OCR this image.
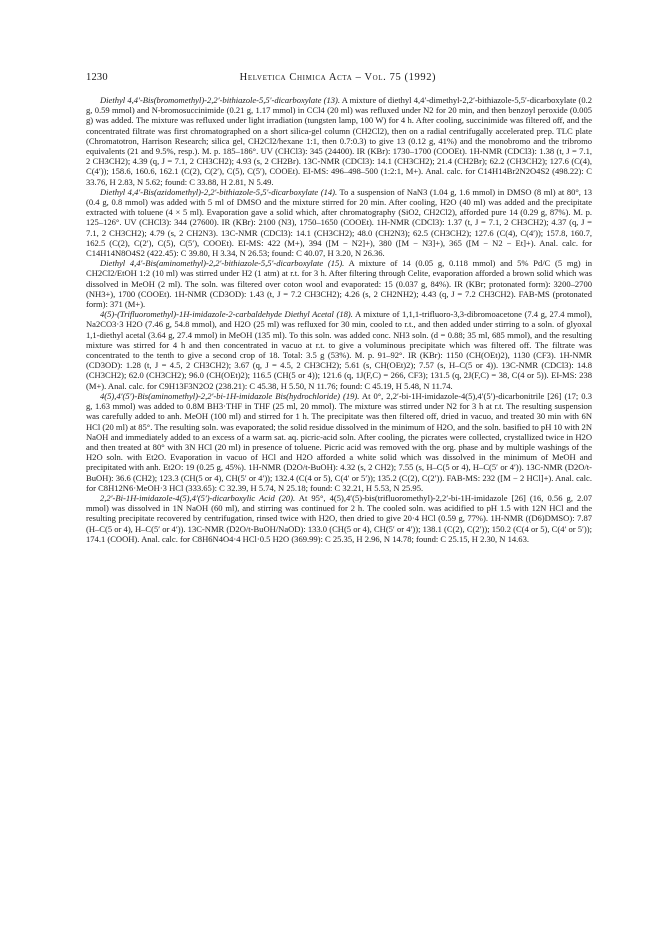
1230	Helvetica Chimica Acta – Vol. 75 (1992)

Diethyl 4,4′-Bis(bromomethyl)-2,2′-bithiazole-5,5′-dicarboxylate (13). A mixture of diethyl 4,4′-dimethyl-2,2′-bithiazole-5,5′-dicarboxylate (0.2 g, 0.59 mmol) and N-bromosuccinimide (0.21 g, 1.17 mmol) in CCl4 (20 ml) was refluxed under N2 for 20 min, and then benzoyl peroxide (0.005 g) was added. The mixture was refluxed under light irradiation (tungsten lamp, 100 W) for 4 h. After cooling, succinimide was filtered off, and the concentrated filtrate was first chromatographed on a short silica-gel column (CH2Cl2), then on a radial centrifugally accelerated prep. TLC plate (Chromatotron, Harrison Research; silica gel, CH2Cl2/hexane 1:1, then 0.7:0.3) to give 13 (0.12 g, 41%) and the monobromo and the tribromo equivalents (21 and 9.5%, resp.). M. p. 185–186°. UV (CHCl3): 345 (24400). IR (KBr): 1730–1700 (COOEt). 1H-NMR (CDCl3): 1.38 (t, J = 7.1, 2 CH3CH2); 4.39 (q, J = 7.1, 2 CH3CH2); 4.93 (s, 2 CH2Br). 13C-NMR (CDCl3): 14.1 (CH3CH2); 21.4 (CH2Br); 62.2 (CH3CH2); 127.6 (C(4), C(4′)); 158.6, 160.6, 162.1 (C(2), C(2′), C(5), C(5′), COOEt). EI-MS: 496–498–500 (1:2:1, M+). Anal. calc. for C14H14Br2N2O4S2 (498.22): C 33.76, H 2.83, N 5.62; found: C 33.88, H 2.81, N 5.49.

Diethyl 4,4′-Bis(azidomethyl)-2,2′-bithiazole-5,5′-dicarboxylate (14). To a suspension of NaN3 (1.04 g, 1.6 mmol) in DMSO (8 ml) at 80°, 13 (0.4 g, 0.8 mmol) was added with 5 ml of DMSO and the mixture stirred for 20 min. After cooling, H2O (40 ml) was added and the precipitate extracted with toluene (4 × 5 ml). Evaporation gave a solid which, after chromatography (SiO2, CH2Cl2), afforded pure 14 (0.29 g, 87%). M. p. 125–126°. UV (CHCl3): 344 (27600). IR (KBr): 2100 (N3), 1750–1650 (COOEt). 1H-NMR (CDCl3): 1.37 (t, J = 7.1, 2 CH3CH2); 4.37 (q, J = 7.1, 2 CH3CH2); 4.79 (s, 2 CH2N3). 13C-NMR (CDCl3): 14.1 (CH3CH2); 48.0 (CH2N3); 62.5 (CH3CH2); 127.6 (C(4), C(4′)); 157.8, 160.7, 162.5 (C(2), C(2′), C(5), C(5′), COOEt). EI-MS: 422 (M+), 394 ([M − N2]+), 380 ([M − N3]+), 365 ([M − N2 − Et]+). Anal. calc. for C14H14N8O4S2 (422.45): C 39.80, H 3.34, N 26.53; found: C 40.07, H 3.20, N 26.36.

Diethyl 4,4′-Bis(aminomethyl)-2,2′-bithiazole-5,5′-dicarboxylate (15). A mixture of 14 (0.05 g, 0.118 mmol) and 5% Pd/C (5 mg) in CH2Cl2/EtOH 1:2 (10 ml) was stirred under H2 (1 atm) at r.t. for 3 h. After filtering through Celite, evaporation afforded a brown solid which was dissolved in MeOH (2 ml). The soln. was filtered over coton wool and evaporated: 15 (0.037 g, 84%). IR (KBr; protonated form): 3200–2700 (NH3+), 1700 (COOEt). 1H-NMR (CD3OD): 1.43 (t, J = 7.2 CH3CH2); 4.26 (s, 2 CH2NH2); 4.43 (q, J = 7.2 CH3CH2). FAB-MS (protonated form): 371 (M+).

4(5)-(Trifluoromethyl)-1H-imidazole-2-carbaldehyde Diethyl Acetal (18). A mixture of 1,1,1-trifluoro-3,3-dibromoacetone (7.4 g, 27.4 mmol), Na2CO3·3 H2O (7.46 g, 54.8 mmol), and H2O (25 ml) was refluxed for 30 min, cooled to r.t., and then added under stirring to a soln. of glyoxal 1,1-diethyl acetal (3.64 g, 27.4 mmol) in MeOH (135 ml). To this soln. was added conc. NH3 soln. (d = 0.88; 35 ml, 685 mmol), and the resulting mixture was stirred for 4 h and then concentrated in vacuo at r.t. to give a voluminous precipitate which was filtered off. The filtrate was concentrated to the tenth to give a second crop of 18. Total: 3.5 g (53%). M. p. 91–92°. IR (KBr): 1150 (CH(OEt)2), 1130 (CF3). 1H-NMR (CD3OD): 1.28 (t, J = 4.5, 2 CH3CH2); 3.67 (q, J = 4.5, 2 CH3CH2); 5.61 (s, CH(OEt)2); 7.57 (s, H–C(5 or 4)). 13C-NMR (CDCl3): 14.8 (CH3CH2); 62.0 (CH3CH2); 96.0 (CH(OEt)2); 116.5 (CH(5 or 4)); 121.6 (q, 1J(F,C) = 266, CF3); 131.5 (q, 2J(F,C) = 38, C(4 or 5)). EI-MS: 238 (M+). Anal. calc. for C9H13F3N2O2 (238.21): C 45.38, H 5.50, N 11.76; found: C 45.19, H 5.48, N 11.74.

4(5),4′(5′)-Bis(aminomethyl)-2,2′-bi-1H-imidazole Bis(hydrochloride) (19). At 0°, 2,2′-bi-1H-imidazole-4(5),4′(5′)-dicarbonitrile [26] (17; 0.3 g, 1.63 mmol) was added to 0.8M BH3·THF in THF (25 ml, 20 mmol). The mixture was stirred under N2 for 3 h at r.t. The resulting suspension was carefully added to anh. MeOH (100 ml) and stirred for 1 h. The precipitate was then filtered off, dried in vacuo, and treated 30 min with 6N HCl (20 ml) at 85°. The resulting soln. was evaporated; the solid residue dissolved in the minimum of H2O, and the soln. basified to pH 10 with 2N NaOH and immediately added to an excess of a warm sat. aq. picric-acid soln. After cooling, the picrates were collected, crystallized twice in H2O and then treated at 80° with 3N HCl (20 ml) in presence of toluene. Picric acid was removed with the org. phase and by multiple washings of the H2O soln. with Et2O. Evaporation in vacuo of HCl and H2O afforded a white solid which was dissolved in the minimum of MeOH and precipitated with anh. Et2O: 19 (0.25 g, 45%). 1H-NMR (D2O/t-BuOH): 4.32 (s, 2 CH2); 7.55 (s, H–C(5 or 4), H–C(5′ or 4′)). 13C-NMR (D2O/t-BuOH): 36.6 (CH2); 123.3 (CH(5 or 4), CH(5′ or 4′)); 132.4 (C(4 or 5), C(4′ or 5′)); 135.2 (C(2), C(2′)). FAB-MS: 232 ([M − 2 HCl]+). Anal. calc. for C8H12N6·MeOH·3 HCl (333.65): C 32.39, H 5.74, N 25.18; found: C 32.21, H 5.53, N 25.95.

2,2′-Bi-1H-imidazole-4(5),4′(5′)-dicarboxylic Acid (20). At 95°, 4(5),4′(5)-bis(trifluoromethyl)-2,2′-bi-1H-imidazole [26] (16, 0.56 g, 2.07 mmol) was dissolved in 1N NaOH (60 ml), and stirring was continued for 2 h. The cooled soln. was acidified to pH 1.5 with 12N HCl and the resulting precipitate recovered by centrifugation, rinsed twice with H2O, then dried to give 20·4 HCl (0.59 g, 77%). 1H-NMR ((D6)DMSO): 7.87 (H–C(5 or 4), H–C(5′ or 4′)). 13C-NMR (D2O/t-BuOH/NaOD): 133.0 (CH(5 or 4), CH(5′ or 4′)); 138.1 (C(2), C(2′)); 150.2 (C(4 or 5), C(4′ or 5′)); 174.1 (COOH). Anal. calc. for C8H6N4O4·4 HCl·0.5 H2O (369.99): C 25.35, H 2.96, N 14.78; found: C 25.15, H 2.30, N 14.63.
